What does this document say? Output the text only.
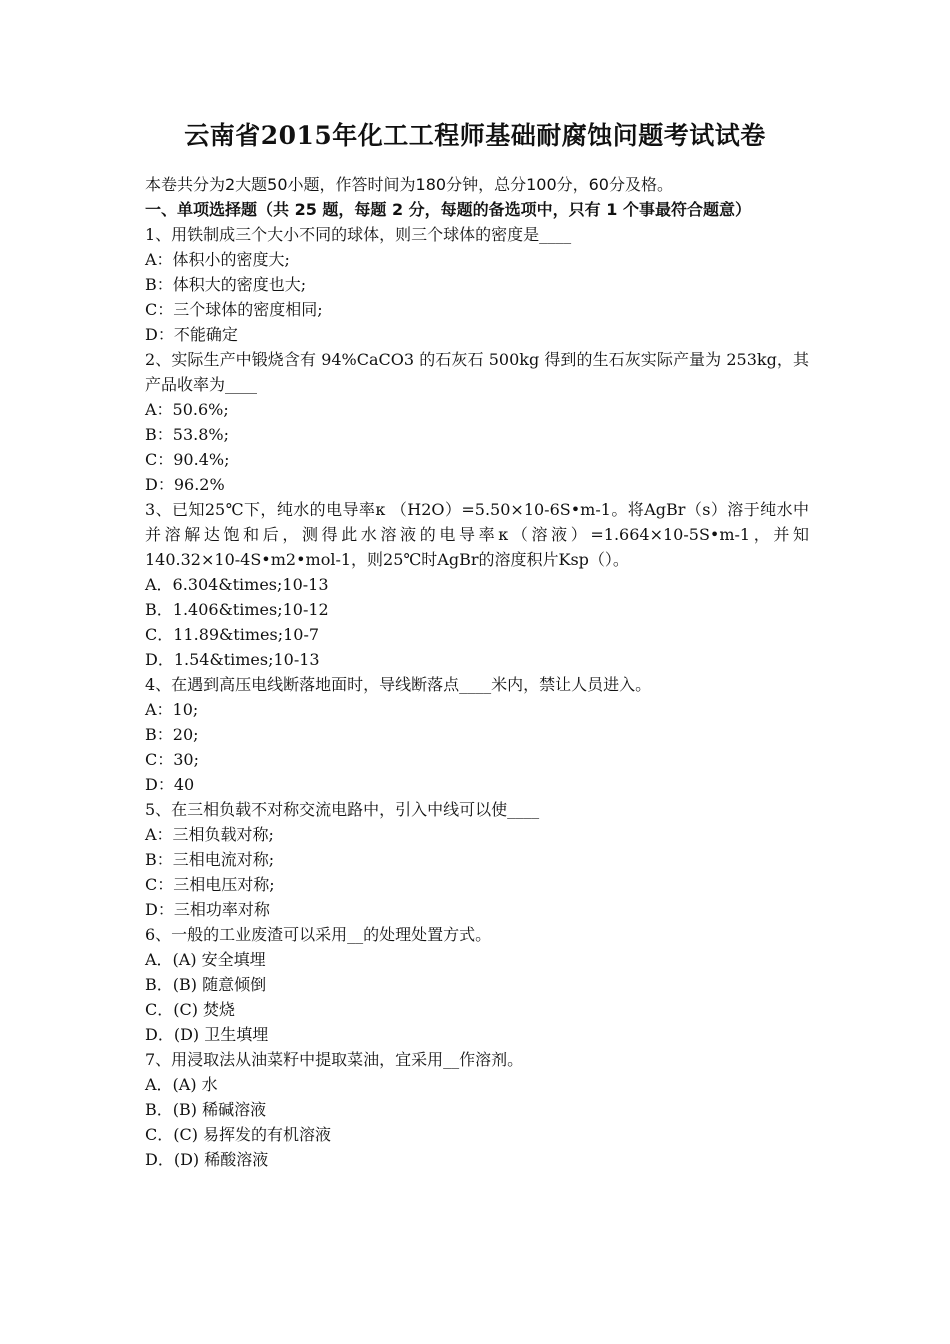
云南省2015年化工工程师基础耐腐蚀问题考试试卷

本卷共分为2大题50小题，作答时间为180分钟，总分100分，60分及格。

一、单项选择题（共 25 题，每题 2 分，每题的备选项中，只有 1 个事最符合题意）

1、用铁制成三个大小不同的球体，则三个球体的密度是____

A：体积小的密度大;

B：体积大的密度也大;

C：三个球体的密度相同;

D：不能确定

2、实际生产中锻烧含有 94%CaCO3 的石灰石 500kg 得到的生石灰实际产量为 253kg，其产品收率为____

A：50.6%;

B：53.8%;

C：90.4%;

D：96.2%

3、已知25℃下，纯水的电导率κ （H2O）=5.50×10-6S•m-1。将AgBr（s）溶于纯水中并溶解达饱和后，测得此水溶液的电导率κ（溶液）=1.664×10-5S•m-1，并知140.32×10-4S•m2•mol-1，则25℃时AgBr的溶度积片Ksp（）。

A．6.304&times;10-13

B．1.406&times;10-12

C．11.89&times;10-7

D．1.54&times;10-13

4、在遇到高压电线断落地面时，导线断落点____米内，禁让人员进入。

A：10;

B：20;

C：30;

D：40

5、在三相负载不对称交流电路中，引入中线可以使____

A：三相负载对称;

B：三相电流对称;

C：三相电压对称;

D：三相功率对称

6、一般的工业废渣可以采用__的处理处置方式。

A．(A) 安全填埋

B．(B) 随意倾倒

C．(C) 焚烧

D．(D) 卫生填埋

7、用浸取法从油菜籽中提取菜油，宜采用__作溶剂。

A．(A) 水

B．(B) 稀碱溶液

C．(C) 易挥发的有机溶液

D．(D) 稀酸溶液
